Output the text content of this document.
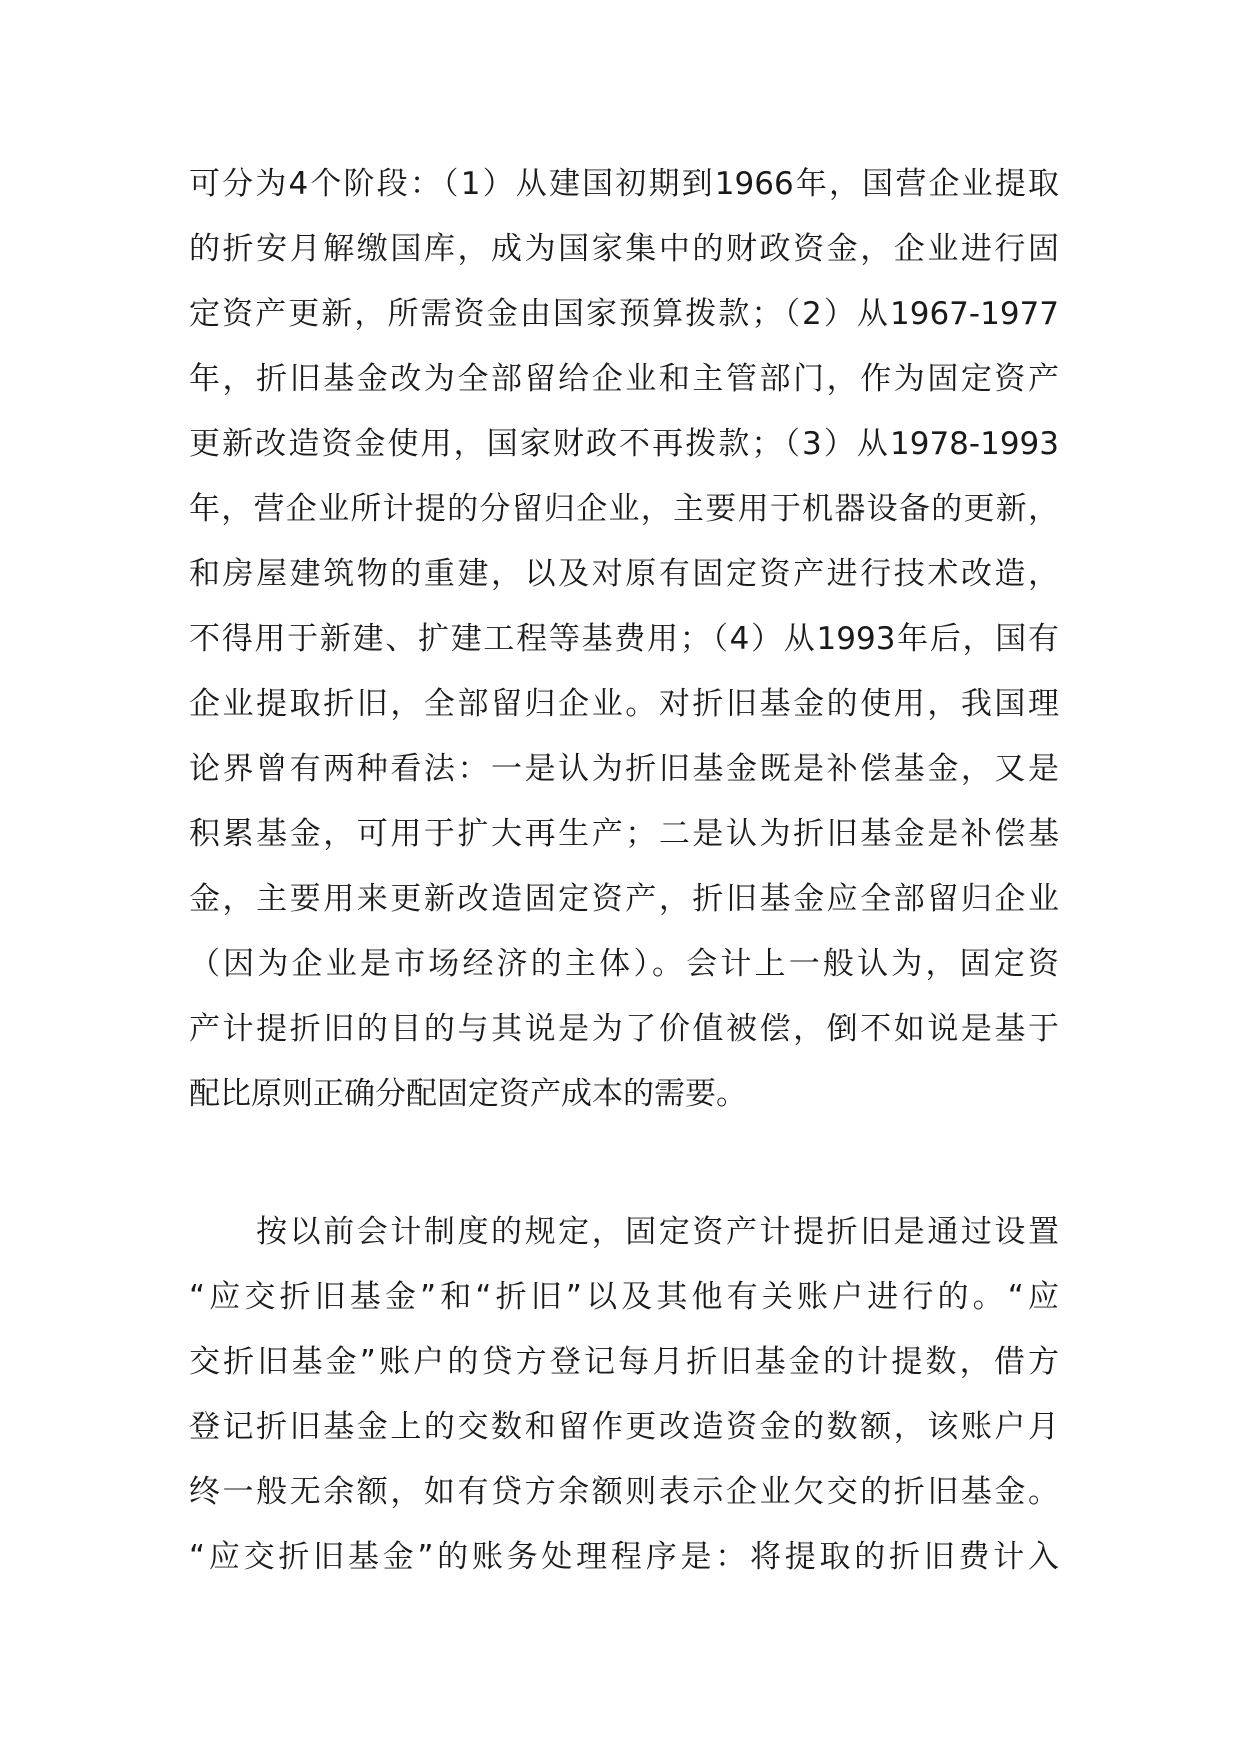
可分为4个阶段：（1）从建国初期到1966年，国营企业提取
的折安月解缴国库，成为国家集中的财政资金，企业进行固
定资产更新，所需资金由国家预算拨款；（2）从1967-1977
年，折旧基金改为全部留给企业和主管部门，作为固定资产
更新改造资金使用，国家财政不再拨款；（3）从1978-1993
年，营企业所计提的分留归企业，主要用于机器设备的更新，
和房屋建筑物的重建，以及对原有固定资产进行技术改造，
不得用于新建、扩建工程等基费用；（4）从1993年后，国有
企业提取折旧，全部留归企业。对折旧基金的使用，我国理
论界曾有两种看法：一是认为折旧基金既是补偿基金，又是
积累基金，可用于扩大再生产；二是认为折旧基金是补偿基
金，主要用来更新改造固定资产，折旧基金应全部留归企业
（因为企业是市场经济的主体）。会计上一般认为，固定资
产计提折旧的目的与其说是为了价值被偿，倒不如说是基于
配比原则正确分配固定资产成本的需要。
　　按以前会计制度的规定，固定资产计提折旧是通过设置
“应交折旧基金”和“折旧”以及其他有关账户进行的。“应
交折旧基金”账户的贷方登记每月折旧基金的计提数，借方
登记折旧基金上的交数和留作更改造资金的数额，该账户月
终一般无余额，如有贷方余额则表示企业欠交的折旧基金。
“应交折旧基金”的账务处理程序是：将提取的折旧费计入
